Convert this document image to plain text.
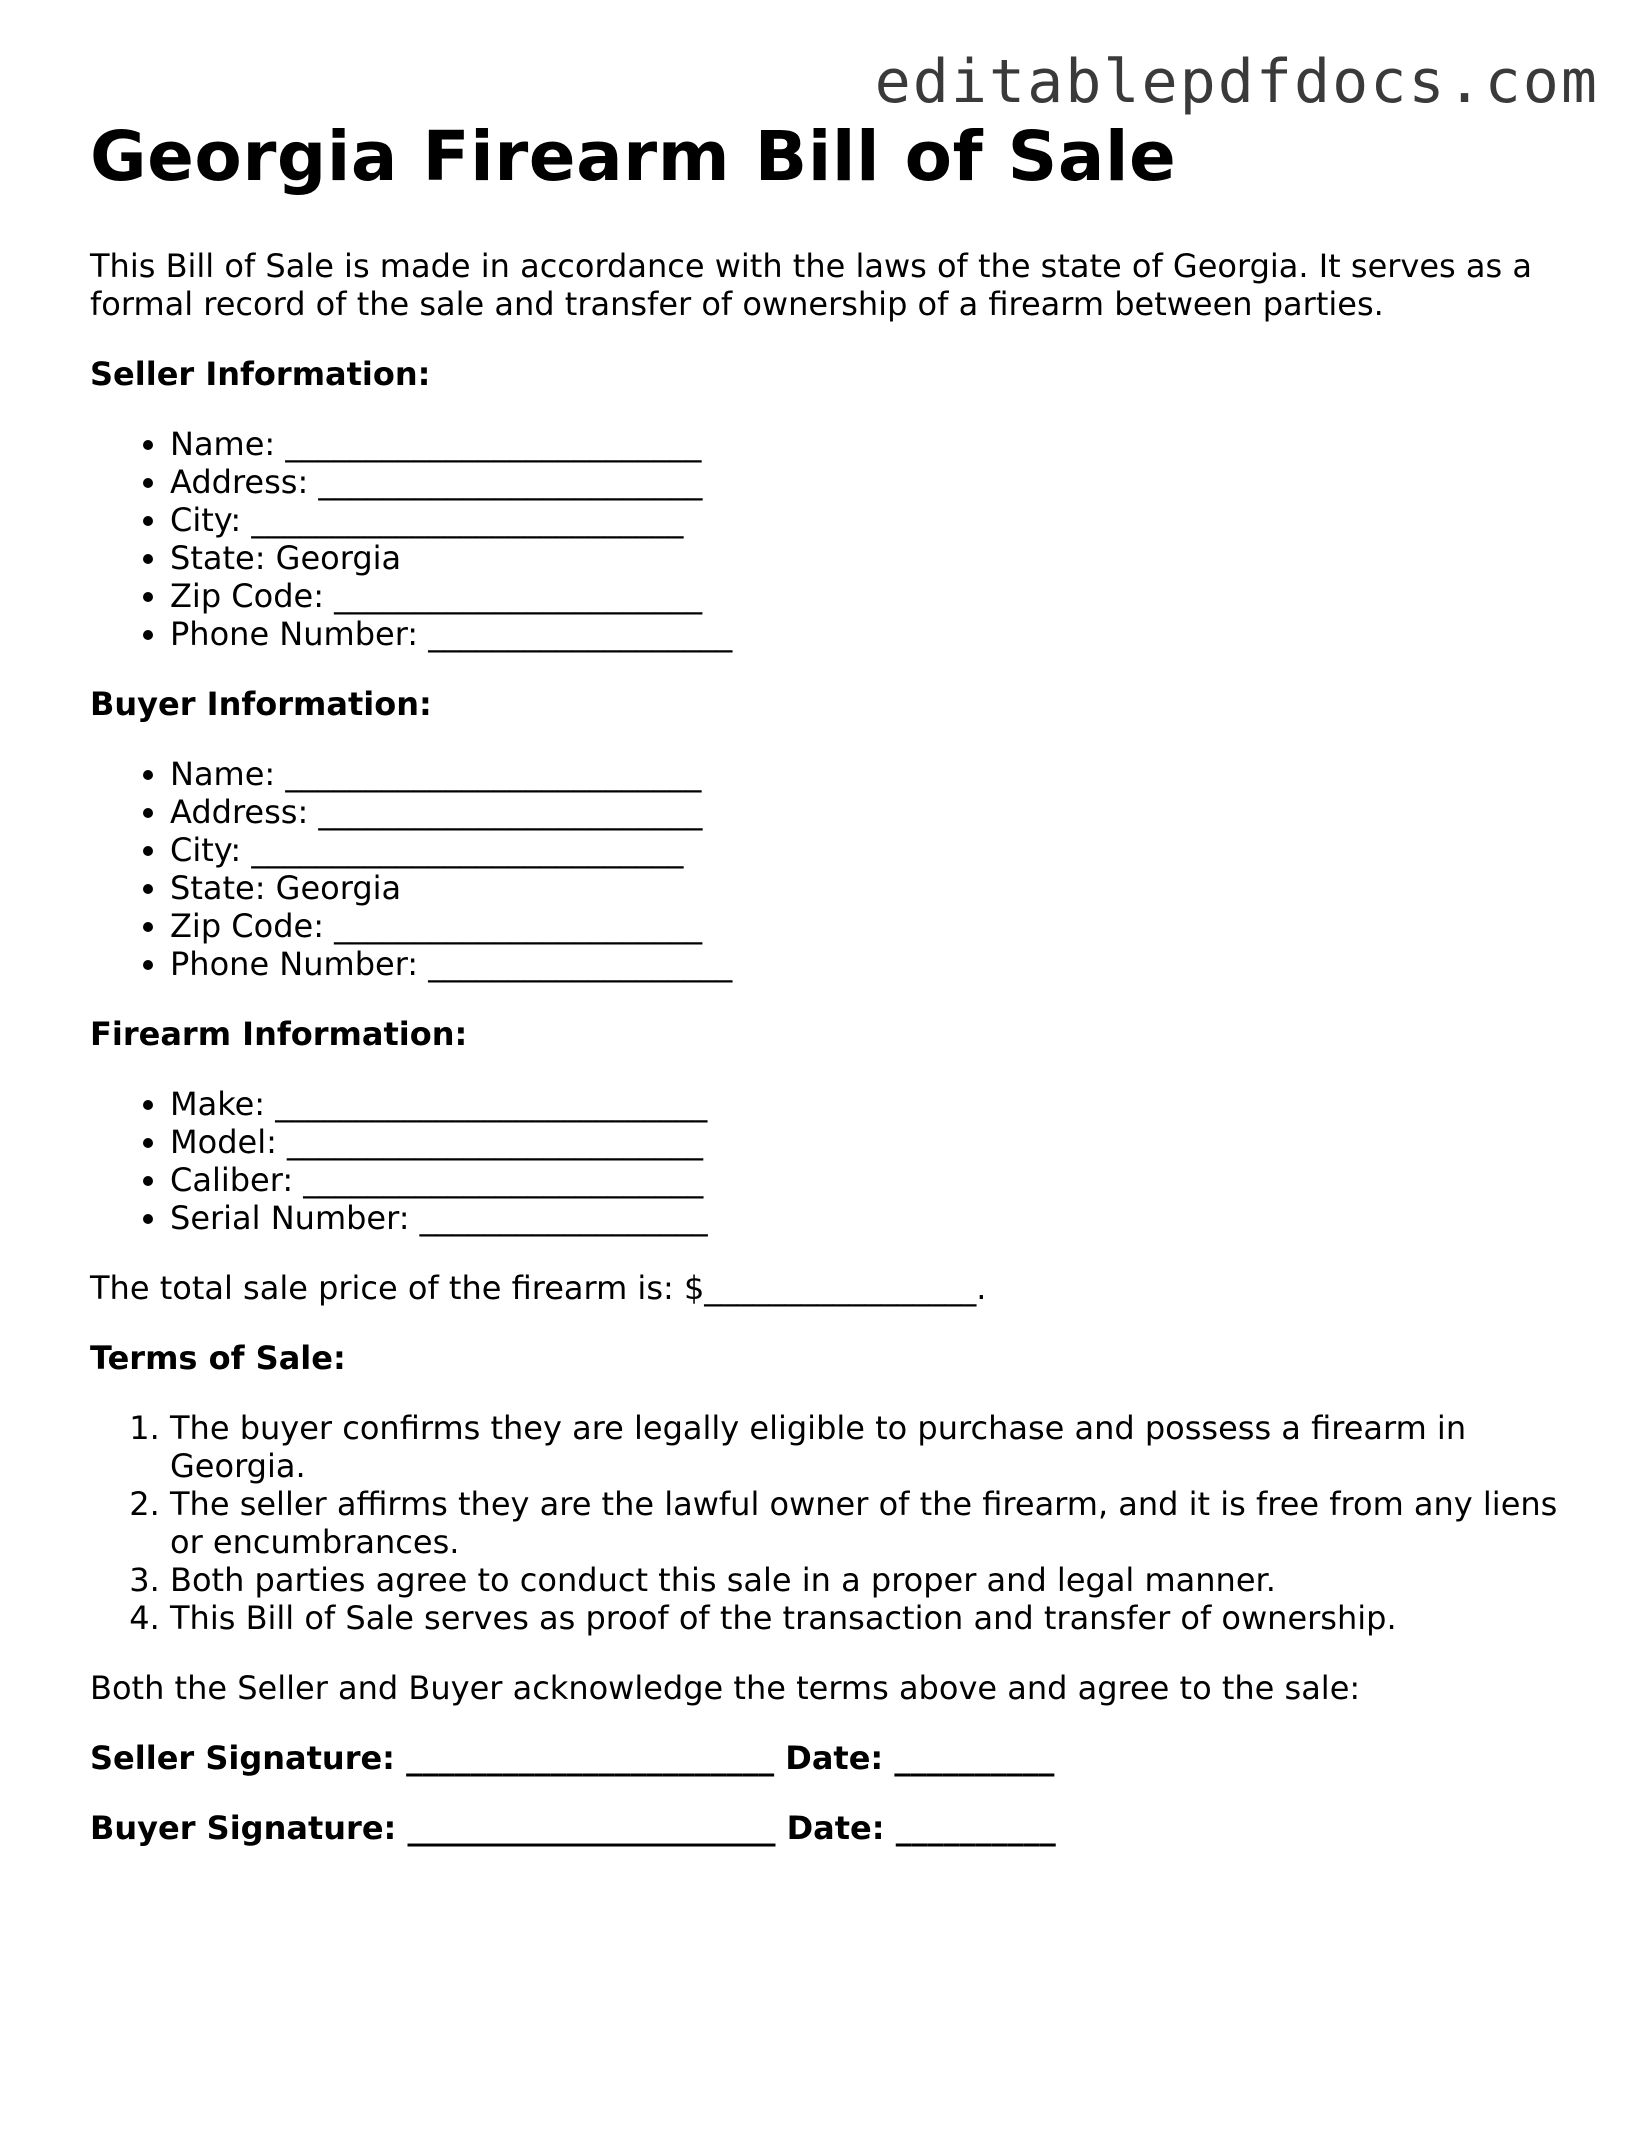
editablepdfdocs.com
Georgia Firearm Bill of Sale

This Bill of Sale is made in accordance with the laws of the state of Georgia. It serves as a formal record of the sale and transfer of ownership of a firearm between parties.

Seller Information:
• Name: __________________________
• Address: ________________________
• City: ___________________________
• State: Georgia
• Zip Code: _______________________
• Phone Number: ___________________
Buyer Information:
• Name: __________________________
• Address: ________________________
• City: ___________________________
• State: Georgia
• Zip Code: _______________________
• Phone Number: ___________________
Firearm Information:
• Make: ___________________________
• Model: __________________________
• Caliber: _________________________
• Serial Number: __________________

The total sale price of the firearm is: $_________________.

Terms of Sale:
1. The buyer confirms they are legally eligible to purchase and possess a firearm in Georgia.
2. The seller affirms they are the lawful owner of the firearm, and it is free from any liens or encumbrances.
3. Both parties agree to conduct this sale in a proper and legal manner.
4. This Bill of Sale serves as proof of the transaction and transfer of ownership.

Both the Seller and Buyer acknowledge the terms above and agree to the sale:

Seller Signature: _______________________ Date: __________
Buyer Signature: _______________________ Date: __________
